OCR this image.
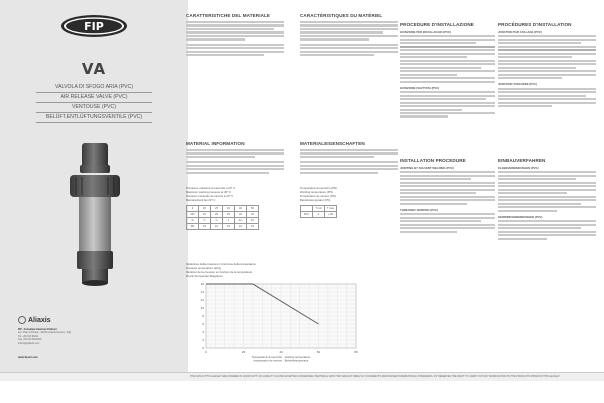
FIP
VA
VALVOLA DI SFOGO ARIA (PVC)
AIR RELEASE VALVE (PVC)
VENTOUSE (PVC)
BELÜFT.ENTLÜFTUNGSVENTILE (PVC)
Aliaxis
FIP - Formatura Iniezione Polimeri
Loc. Pian di Parata - 16015 Casella Genova - Italy
Tel. +39 010 96211
Fax +39 010 9621209
info.fip@aliaxis.com
www.fipnet.com
CARATTERISTICHE DEL MATERIALE
MATERIAL INFORMATION
Pressione massima di esercizio a 20° C
Maximum working pressure at 20° C
Pression maximale de service à 20° C
Betriebsdruck bei 20° C
d	20	25	32	40	50
DN	15	20	25	32	40
R	½	¾	1	1¼	1½
PN	16	16	16	16	16
Variazione della pressione in funzione della temperatura
Pressure temperature rating
Variation de la pression en fonction de la température
Druck-/Temperatur-Diagramm
16
14
12
10
8
6
4
2
0
0	20	40	60	80
Temperatura di esercizio · working temperature
température de service · Betriebstemperatur
CARACTÉRISTIQUES DU MATÉRIEL
MATERIALEIGENSCHAFTEN
Temperatura di esercizio (PN)
Working temperature (PN)
Température de service (PN)
Betriebstemperatur (PN)
	T min	T max
PVC	0	+ 60
PROCEDURE D'INSTALLAZIONE
GIUNZIONE PER INCOLLAGGIO (PVC)
GIUNZIONE FILETTATA (PVC)
INSTALLATION PROCEDURE
JOINTING BY SOLVENT WELDING (PVC)
THREADED JOINTING (PVC)
PROCÉDURES D'INSTALLATION
JONCTION PAR COLLAGE (PVC)
JONCTION TARAUDÉE (PVC)
EINBAUVERFAHREN
KLEBEVERBINDUNGEN (PVC)
GEWINDEVERBINDUNGEN (PVC)
THE DATA IN THIS LEAFLET ARE OFFERED IN GOOD FAITH. NO LIABILITY CAN BE ACCEPTED CONCERNING TECHNICAL DATA THAT ARE NOT DIRECTLY COVERED BY RECOGNISED INTERNATIONAL STANDARDS. FIP RESERVES THE RIGHT TO CARRY OUT ANY MODIFICATION TO THE PRODUCTS SHOWN IN THIS LEAFLET.
